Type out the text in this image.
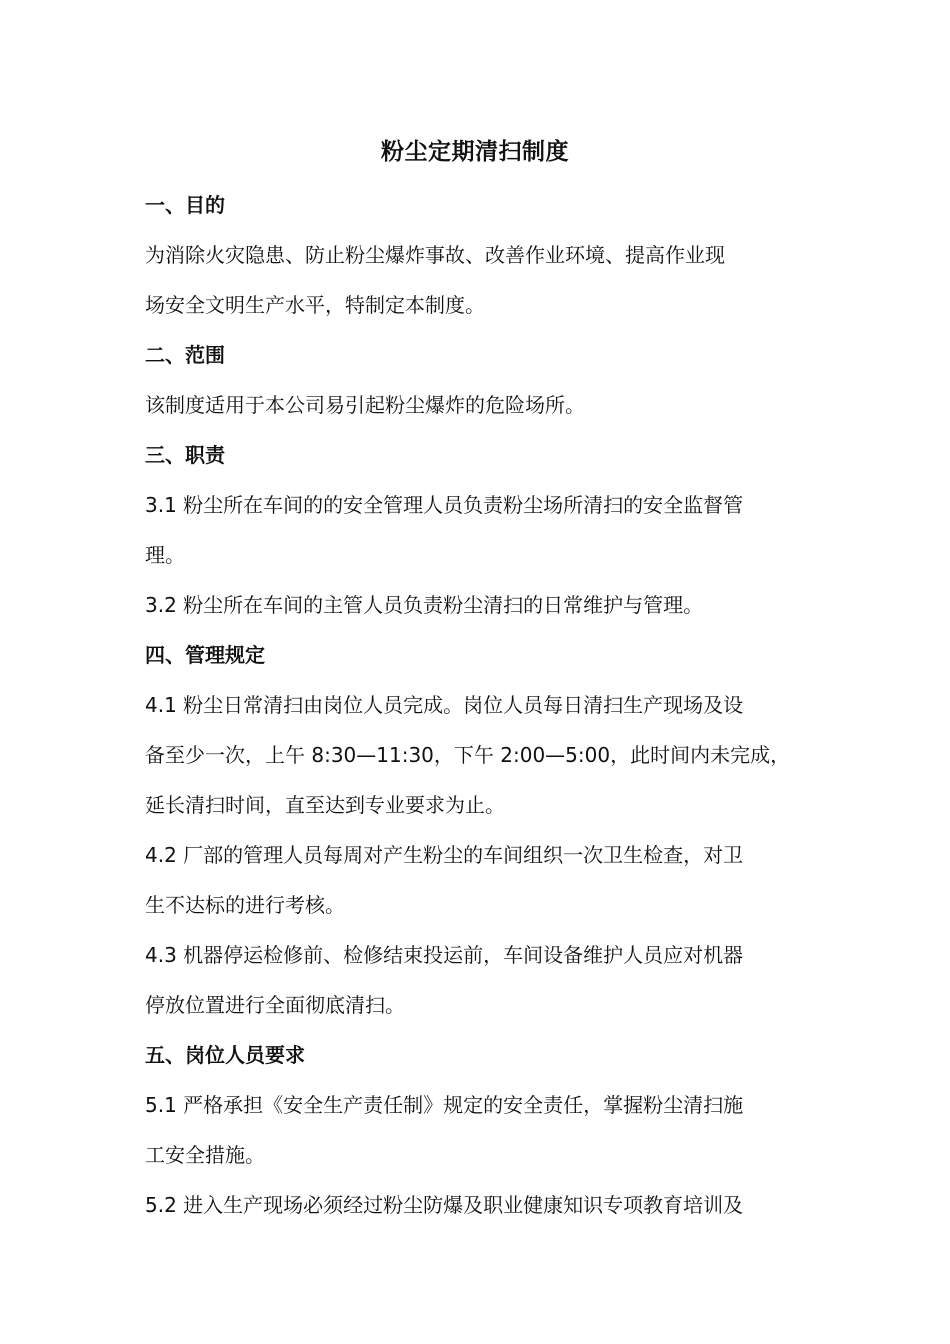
粉尘定期清扫制度
一、目的
为消除火灾隐患、防止粉尘爆炸事故、改善作业环境、提高作业现
场安全文明生产水平，特制定本制度。
二、范围
该制度适用于本公司易引起粉尘爆炸的危险场所。
三、职责
3.1 粉尘所在车间的的安全管理人员负责粉尘场所清扫的安全监督管
理。
3.2 粉尘所在车间的主管人员负责粉尘清扫的日常维护与管理。
四、管理规定
4.1 粉尘日常清扫由岗位人员完成。岗位人员每日清扫生产现场及设
备至少一次，上午 8:30—11:30，下午 2:00—5:00，此时间内未完成，
延长清扫时间，直至达到专业要求为止。
4.2 厂部的管理人员每周对产生粉尘的车间组织一次卫生检查，对卫
生不达标的进行考核。
4.3 机器停运检修前、检修结束投运前，车间设备维护人员应对机器
停放位置进行全面彻底清扫。
五、岗位人员要求
5.1 严格承担《安全生产责任制》规定的安全责任，掌握粉尘清扫施
工安全措施。
5.2 进入生产现场必须经过粉尘防爆及职业健康知识专项教育培训及
